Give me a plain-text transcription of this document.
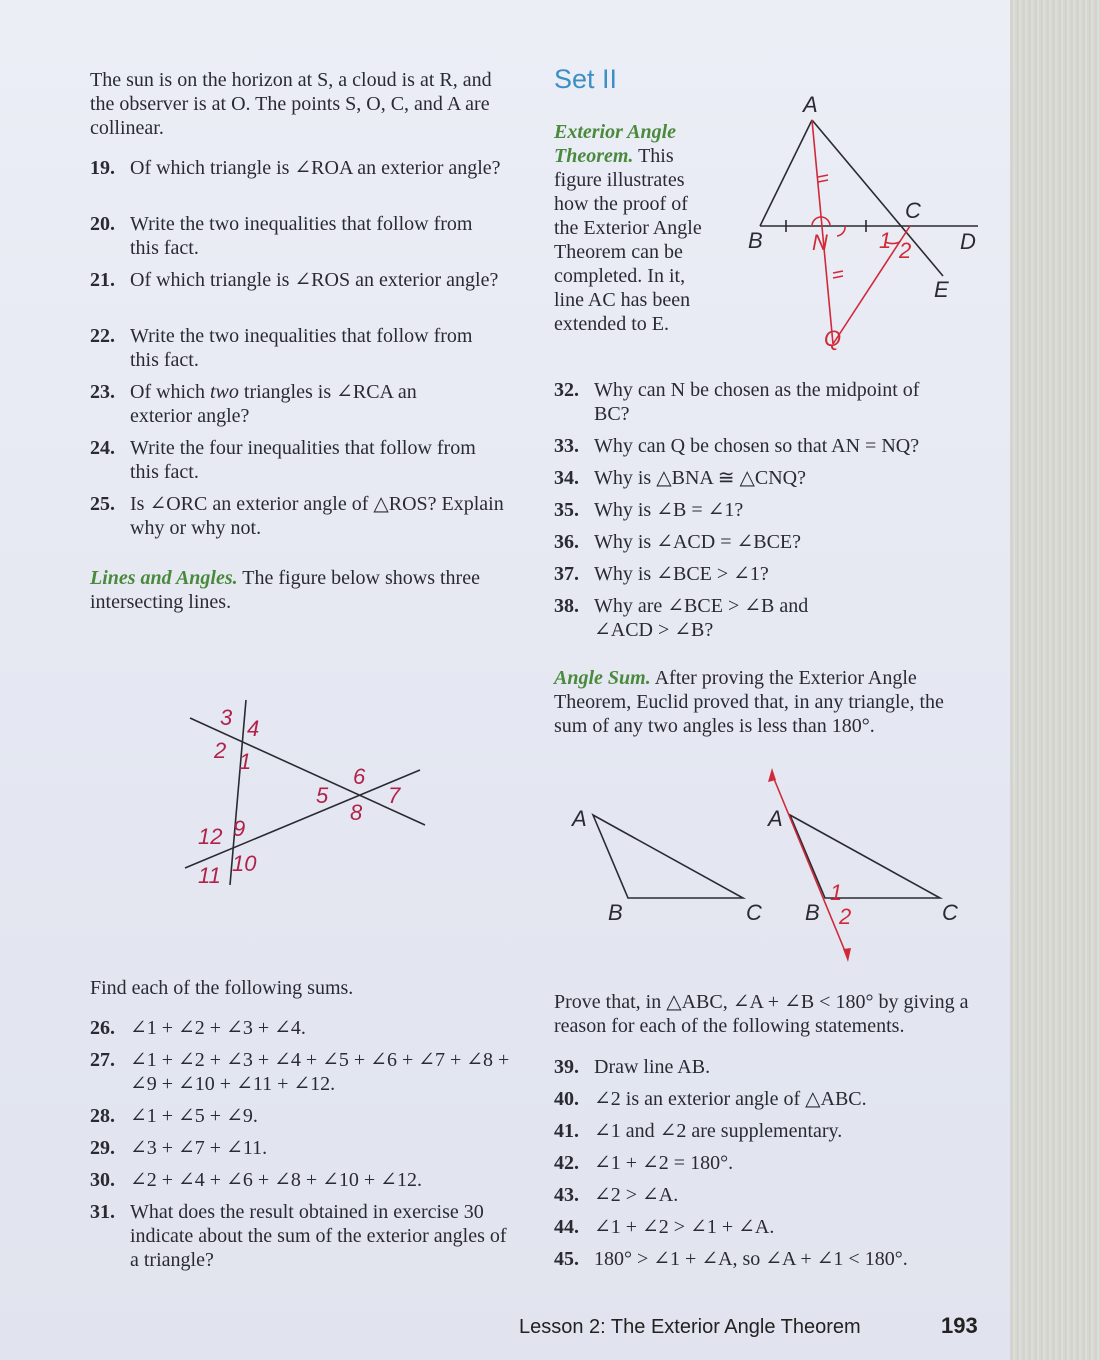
The sun is on the horizon at S, a cloud is at R, and the observer is at O. The points S, O, C, and A are collinear.

19. Of which triangle is ∠ROA an exterior angle?
20. Write the two inequalities that follow from this fact.
21. Of which triangle is ∠ROS an exterior angle?
22. Write the two inequalities that follow from this fact.
23. Of which two triangles is ∠RCA an exterior angle?
24. Write the four inequalities that follow from this fact.
25. Is ∠ORC an exterior angle of △ROS? Explain why or why not.

Lines and Angles. The figure below shows three intersecting lines.

3 4
2 1
6
5	7
8
9
12
10
11

Find each of the following sums.

26. ∠1 + ∠2 + ∠3 + ∠4.
27. ∠1 + ∠2 + ∠3 + ∠4 + ∠5 + ∠6 + ∠7 + ∠8 + ∠9 + ∠10 + ∠11 + ∠12.
28. ∠1 + ∠5 + ∠9.
29. ∠3 + ∠7 + ∠11.
30. ∠2 + ∠4 + ∠6 + ∠8 + ∠10 + ∠12.
31. What does the result obtained in exercise 30 indicate about the sum of the exterior angles of a triangle?
Set II

Exterior Angle Theorem. This figure illustrates how the proof of the Exterior Angle Theorem can be completed. In it, line AC has been extended to E.

A
B
C
D
E
N
Q
1 2
32. Why can N be chosen as the midpoint of BC?
33. Why can Q be chosen so that AN = NQ?
34. Why is △BNA ≅ △CNQ?
35. Why is ∠B = ∠1?
36. Why is ∠ACD = ∠BCE?
37. Why is ∠BCE > ∠1?
38. Why are ∠BCE > ∠B and ∠ACD > ∠B?

Angle Sum. After proving the Exterior Angle Theorem, Euclid proved that, in any triangle, the sum of any two angles is less than 180°.

A
B	C
A
B	C
1
2

Prove that, in △ABC, ∠A + ∠B < 180° by giving a reason for each of the following statements.

39. Draw line AB.
40. ∠2 is an exterior angle of △ABC.
41. ∠1 and ∠2 are supplementary.
42. ∠1 + ∠2 = 180°.
43. ∠2 > ∠A.
44. ∠1 + ∠2 > ∠1 + ∠A.
45. 180° > ∠1 + ∠A, so ∠A + ∠1 < 180°.
Lesson 2: The Exterior Angle Theorem	193
